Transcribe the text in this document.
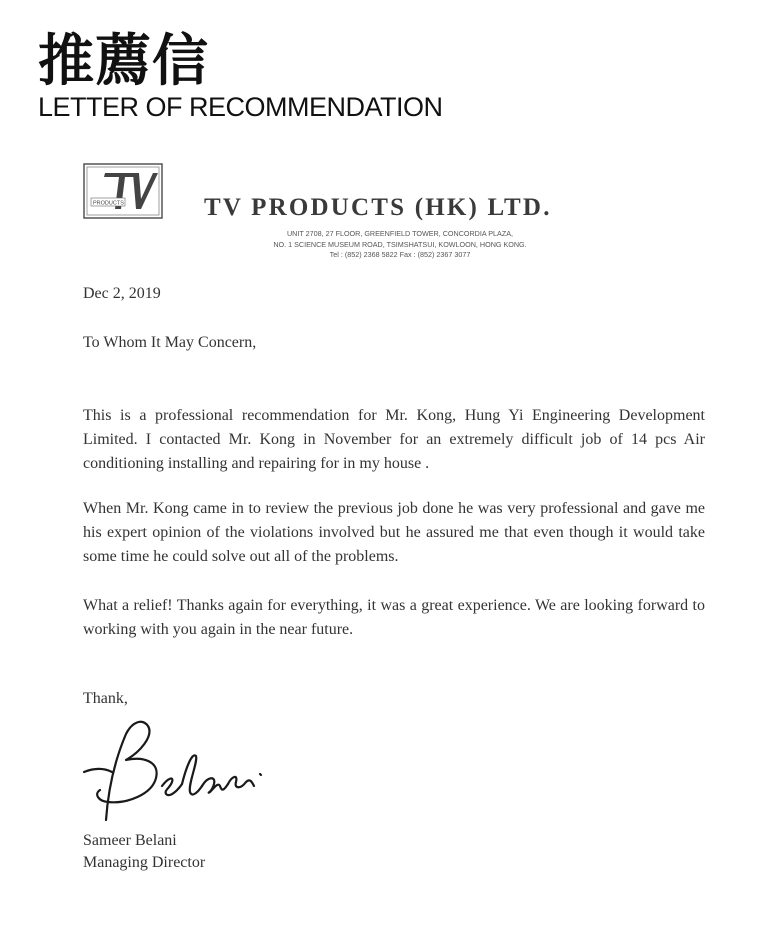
推薦信
LETTER OF RECOMMENDATION
PRODUCTS	TV PRODUCTS (HK) LTD.
UNIT 2708, 27 FLOOR, GREENFIELD TOWER, CONCORDIA PLAZA,
NO. 1 SCIENCE MUSEUM ROAD, TSIMSHATSUI, KOWLOON, HONG KONG.
Tel : (852) 2368 5822 Fax : (852) 2367 3077
Dec 2, 2019
To Whom It May Concern,
This is a professional recommendation for Mr. Kong, Hung Yi Engineering Development Limited. I contacted Mr. Kong in November for an extremely difficult job of 14 pcs Air conditioning installing and repairing for in my house .
When Mr. Kong came in to review the previous job done he was very professional and gave me his expert opinion of the violations involved but he assured me that even though it would take some time he could solve out all of the problems.
What a relief! Thanks again for everything, it was a great experience. We are looking forward to working with you again in the near future.
Thank,
Sameer Belani
Managing Director
